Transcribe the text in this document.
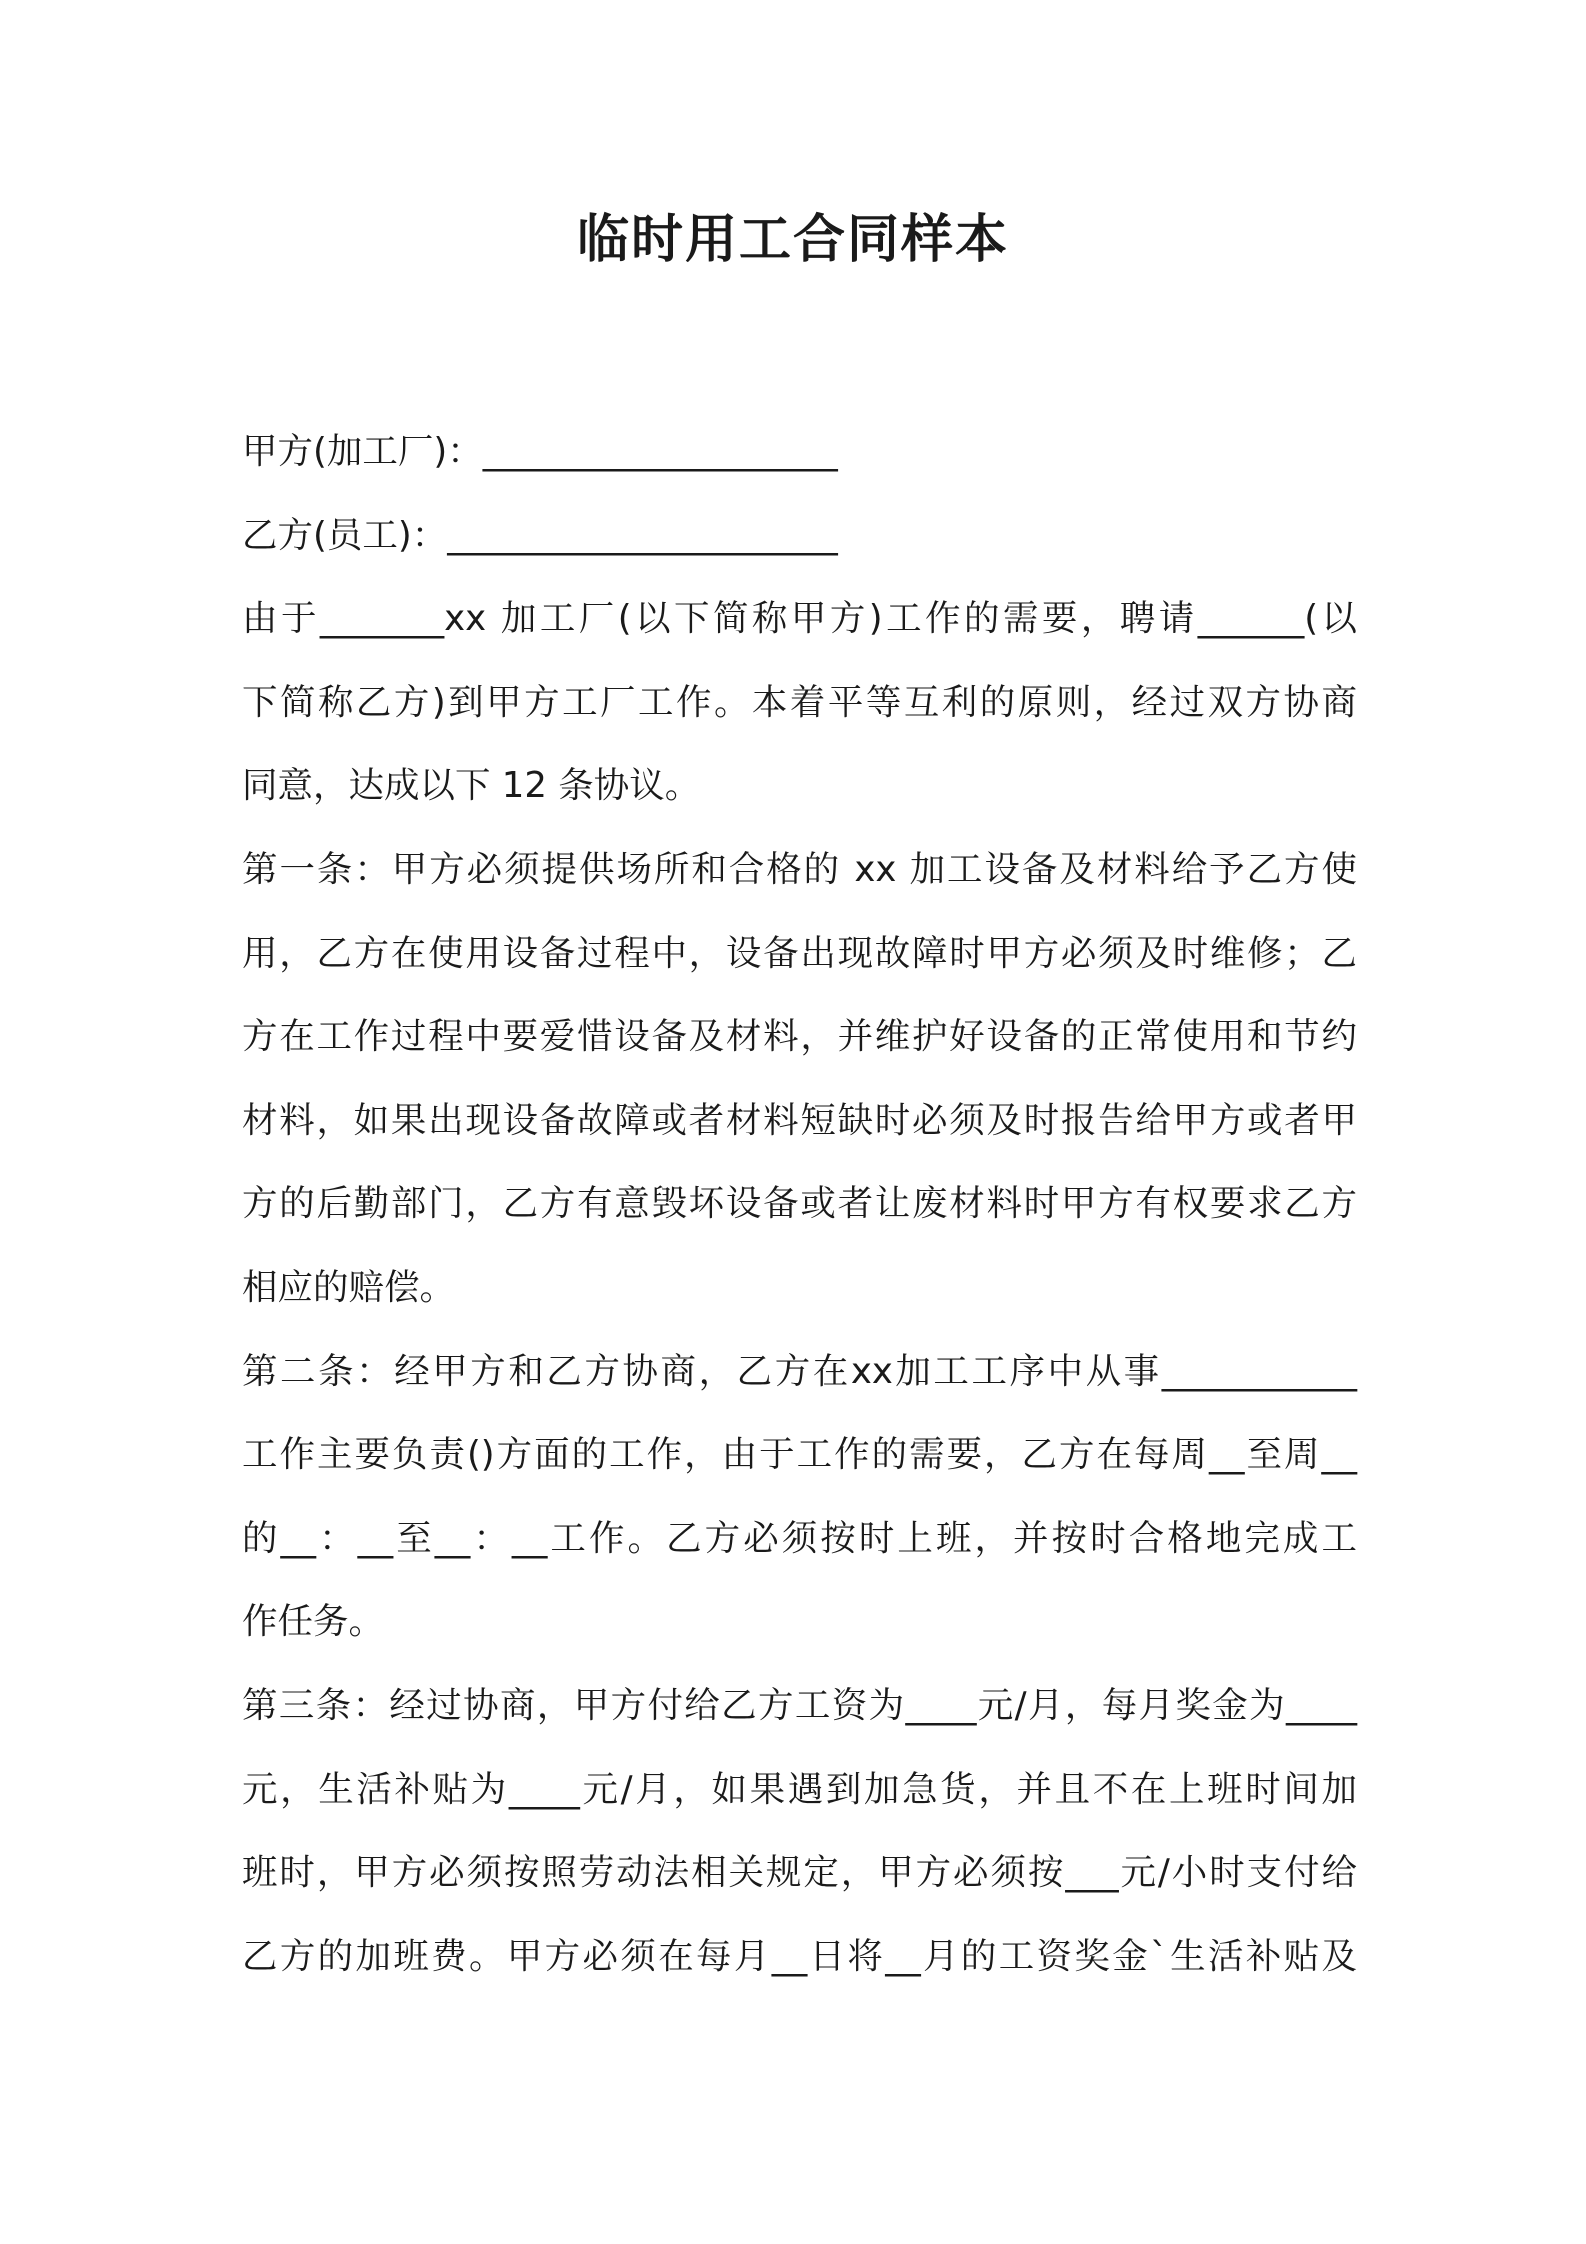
临时用工合同样本
甲方(加工厂)：____________________
乙方(员工)：______________________
由于_______xx 加工厂(以下简称甲方)工作的需要，聘请______(以
下简称乙方)到甲方工厂工作。本着平等互利的原则，经过双方协商
同意，达成以下 12 条协议。
第一条：甲方必须提供场所和合格的 xx 加工设备及材料给予乙方使
用，乙方在使用设备过程中，设备出现故障时甲方必须及时维修；乙
方在工作过程中要爱惜设备及材料，并维护好设备的正常使用和节约
材料，如果出现设备故障或者材料短缺时必须及时报告给甲方或者甲
方的后勤部门，乙方有意毁坏设备或者让废材料时甲方有权要求乙方
相应的赔偿。
第二条：经甲方和乙方协商，乙方在xx加工工序中从事___________
工作主要负责()方面的工作，由于工作的需要，乙方在每周__至周__
的__：__至__：__工作。乙方必须按时上班，并按时合格地完成工
作任务。
第三条：经过协商，甲方付给乙方工资为____元/月，每月奖金为____
元，生活补贴为____元/月，如果遇到加急货，并且不在上班时间加
班时，甲方必须按照劳动法相关规定，甲方必须按___元/小时支付给
乙方的加班费。甲方必须在每月__日将__月的工资奖金`生活补贴及
